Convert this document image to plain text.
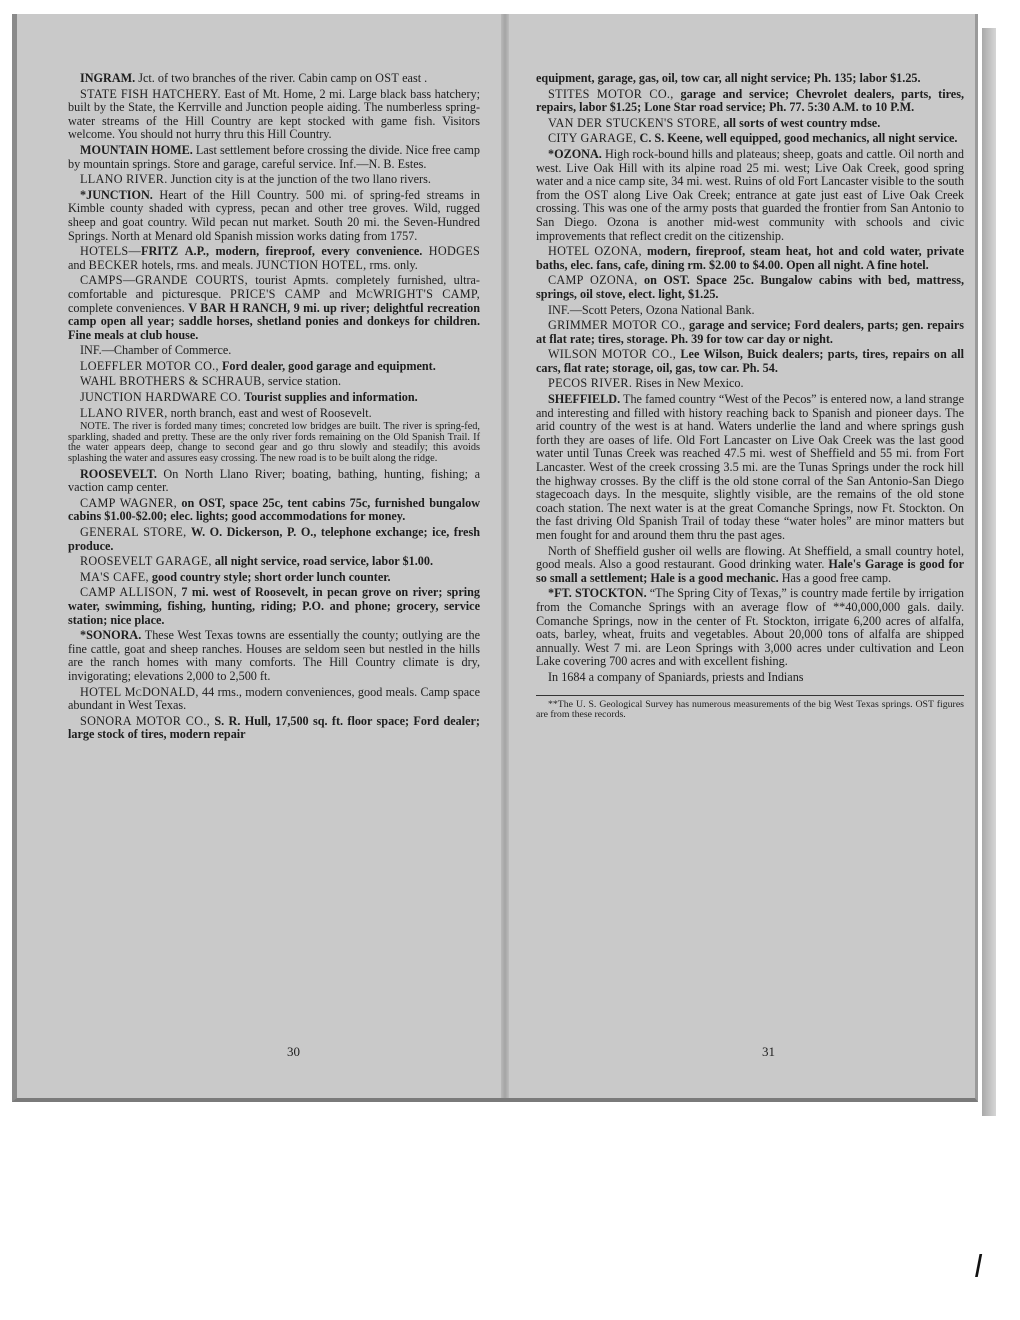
INGRAM. Jct. of two branches of the river. Cabin camp on OST east .

STATE FISH HATCHERY. East of Mt. Home, 2 mi. Large black bass hatchery; built by the State, the Kerrville and Junction people aiding. The numberless spring-water streams of the Hill Country are kept stocked with game fish. Visitors welcome. You should not hurry thru this Hill Country.

MOUNTAIN HOME. Last settlement before crossing the divide. Nice free camp by mountain springs. Store and garage, careful service. Inf.—N. B. Estes.

LLANO RIVER. Junction city is at the junction of the two llano rivers.

*JUNCTION. Heart of the Hill Country. 500 mi. of spring-fed streams in Kimble county shaded with cypress, pecan and other tree groves. Wild, rugged sheep and goat country. Wild pecan nut market. South 20 mi. the Seven-Hundred Springs. North at Menard old Spanish mission works dating from 1757.

HOTELS—FRITZ A.P., modern, fireproof, every convenience. HODGES and BECKER hotels, rms. and meals. JUNCTION HOTEL, rms. only.

CAMPS—GRANDE COURTS, tourist Apmts. completely furnished, ultra-comfortable and picturesque. PRICE'S CAMP and McWRIGHT'S CAMP, complete conveniences. V BAR H RANCH, 9 mi. up river; delightful recreation camp open all year; saddle horses, shetland ponies and donkeys for children. Fine meals at club house.

INF.—Chamber of Commerce.

LOEFFLER MOTOR CO., Ford dealer, good garage and equipment.

WAHL BROTHERS & SCHRAUB, service station.

JUNCTION HARDWARE CO. Tourist supplies and information.

LLANO RIVER, north branch, east and west of Roosevelt.

NOTE. The river is forded many times; concreted low bridges are built. The river is spring-fed, sparkling, shaded and pretty. These are the only river fords remaining on the Old Spanish Trail. If the water appears deep, change to second gear and go thru slowly and steadily; this avoids splashing the water and assures easy crossing. The new road is to be built along the ridge.

ROOSEVELT. On North Llano River; boating, bathing, hunting, fishing; a vaction camp center.

CAMP WAGNER, on OST, space 25c, tent cabins 75c, furnished bungalow cabins $1.00-$2.00; elec. lights; good accommodations for money.

GENERAL STORE, W. O. Dickerson, P. O., telephone exchange; ice, fresh produce.

ROOSEVELT GARAGE, all night service, road service, labor $1.00.

MA'S CAFE, good country style; short order lunch counter.

CAMP ALLISON, 7 mi. west of Roosevelt, in pecan grove on river; spring water, swimming, fishing, hunting, riding; P.O. and phone; grocery, service station; nice place.

*SONORA. These West Texas towns are essentially the county; outlying are the fine cattle, goat and sheep ranches. Houses are seldom seen but nestled in the hills are the ranch homes with many comforts. The Hill Country climate is dry, invigorating; elevations 2,000 to 2,500 ft.

HOTEL McDONALD, 44 rms., modern conveniences, good meals. Camp space abundant in West Texas.

SONORA MOTOR CO., S. R. Hull, 17,500 sq. ft. floor space; Ford dealer; large stock of tires, modern repair

30

equipment, garage, gas, oil, tow car, all night service; Ph. 135; labor $1.25.

STITES MOTOR CO., garage and service; Chevrolet dealers, parts, tires, repairs, labor $1.25; Lone Star road service; Ph. 77. 5:30 A.M. to 10 P.M.

VAN DER STUCKEN'S STORE, all sorts of west country mdse.

CITY GARAGE, C. S. Keene, well equipped, good mechanics, all night service.

*OZONA. High rock-bound hills and plateaus; sheep, goats and cattle. Oil north and west. Live Oak Hill with its alpine road 25 mi. west; Live Oak Creek, good spring water and a nice camp site, 34 mi. west. Ruins of old Fort Lancaster visible to the south from the OST along Live Oak Creek; entrance at gate just east of Live Oak Creek crossing. This was one of the army posts that guarded the frontier from San Antonio to San Diego. Ozona is another mid-west community with schools and civic improvements that reflect credit on the citizenship.

HOTEL OZONA, modern, fireproof, steam heat, hot and cold water, private baths, elec. fans, cafe, dining rm. $2.00 to $4.00. Open all night. A fine hotel.

CAMP OZONA, on OST. Space 25c. Bungalow cabins with bed, mattress, springs, oil stove, elect. light, $1.25.

INF.—Scott Peters, Ozona National Bank.

GRIMMER MOTOR CO., garage and service; Ford dealers, parts; gen. repairs at flat rate; tires, storage. Ph. 39 for tow car day or night.

WILSON MOTOR CO., Lee Wilson, Buick dealers; parts, tires, repairs on all cars, flat rate; storage, oil, gas, tow car. Ph. 54.

PECOS RIVER. Rises in New Mexico.

SHEFFIELD. The famed country “West of the Pecos” is entered now, a land strange and interesting and filled with history reaching back to Spanish and pioneer days. The arid country of the west is at hand. Waters underlie the land and where springs gush forth they are oases of life. Old Fort Lancaster on Live Oak Creek was the last good water until Tunas Creek was reached 47.5 mi. west of Sheffield and 55 mi. from Fort Lancaster. West of the creek crossing 3.5 mi. are the Tunas Springs under the rock hill the highway crosses. By the cliff is the old stone corral of the San Antonio-San Diego stagecoach days. In the mesquite, slightly visible, are the remains of the old stone coach station. The next water is at the great Comanche Springs, now Ft. Stockton. On the fast driving Old Spanish Trail of today these “water holes” are minor matters but men fought for and around them thru the past ages.

North of Sheffield gusher oil wells are flowing. At Sheffield, a small country hotel, good meals. Also a good restaurant. Good drinking water. Hale's Garage is good for so small a settlement; Hale is a good mechanic. Has a good free camp.

*FT. STOCKTON. “The Spring City of Texas,” is country made fertile by irrigation from the Comanche Springs with an average flow of **40,000,000 gals. daily. Comanche Springs, now in the center of Ft. Stockton, irrigate 6,200 acres of alfalfa, oats, barley, wheat, fruits and vegetables. About 20,000 tons of alfalfa are shipped annually. West 7 mi. are Leon Springs with 3,000 acres under cultivation and Leon Lake covering 700 acres and with excellent fishing.

In 1684 a company of Spaniards, priests and Indians

**The U. S. Geological Survey has numerous measurements of the big West Texas springs. OST figures are from these records.

31
l
